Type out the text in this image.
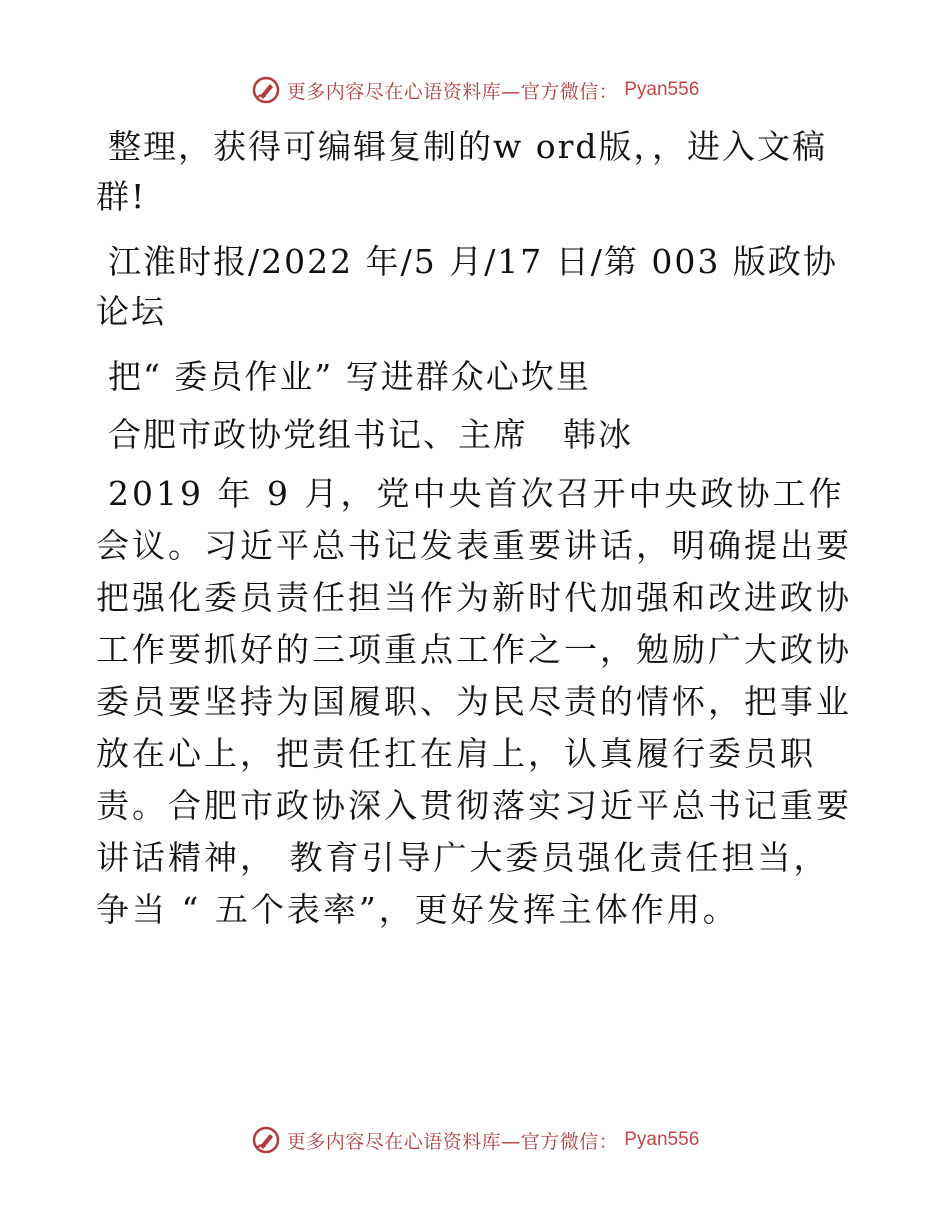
更多内容尽在心语资料库—官方微信： Pyan556

整理，获得可编辑复制的w ord版，，进入文稿群!

江淮时报/2022 年/5 月/17 日/第 003 版政协论坛

把“ 委员作业” 写进群众心坎里

合肥市政协党组书记、主席　韩冰

2019 年 9 月，党中央首次召开中央政协工作会议。习近平总书记发表重要讲话，明确提出要把强化委员责任担当作为新时代加强和改进政协工作要抓好的三项重点工作之一，勉励广大政协委员要坚持为国履职、为民尽责的情怀，把事业放在心上，把责任扛在肩上，认真履行委员职责。合肥市政协深入贯彻落实习近平总书记重要讲话精神， 教育引导广大委员强化责任担当， 争当 “ 五个表率”，更好发挥主体作用。

更多内容尽在心语资料库—官方微信： Pyan556
